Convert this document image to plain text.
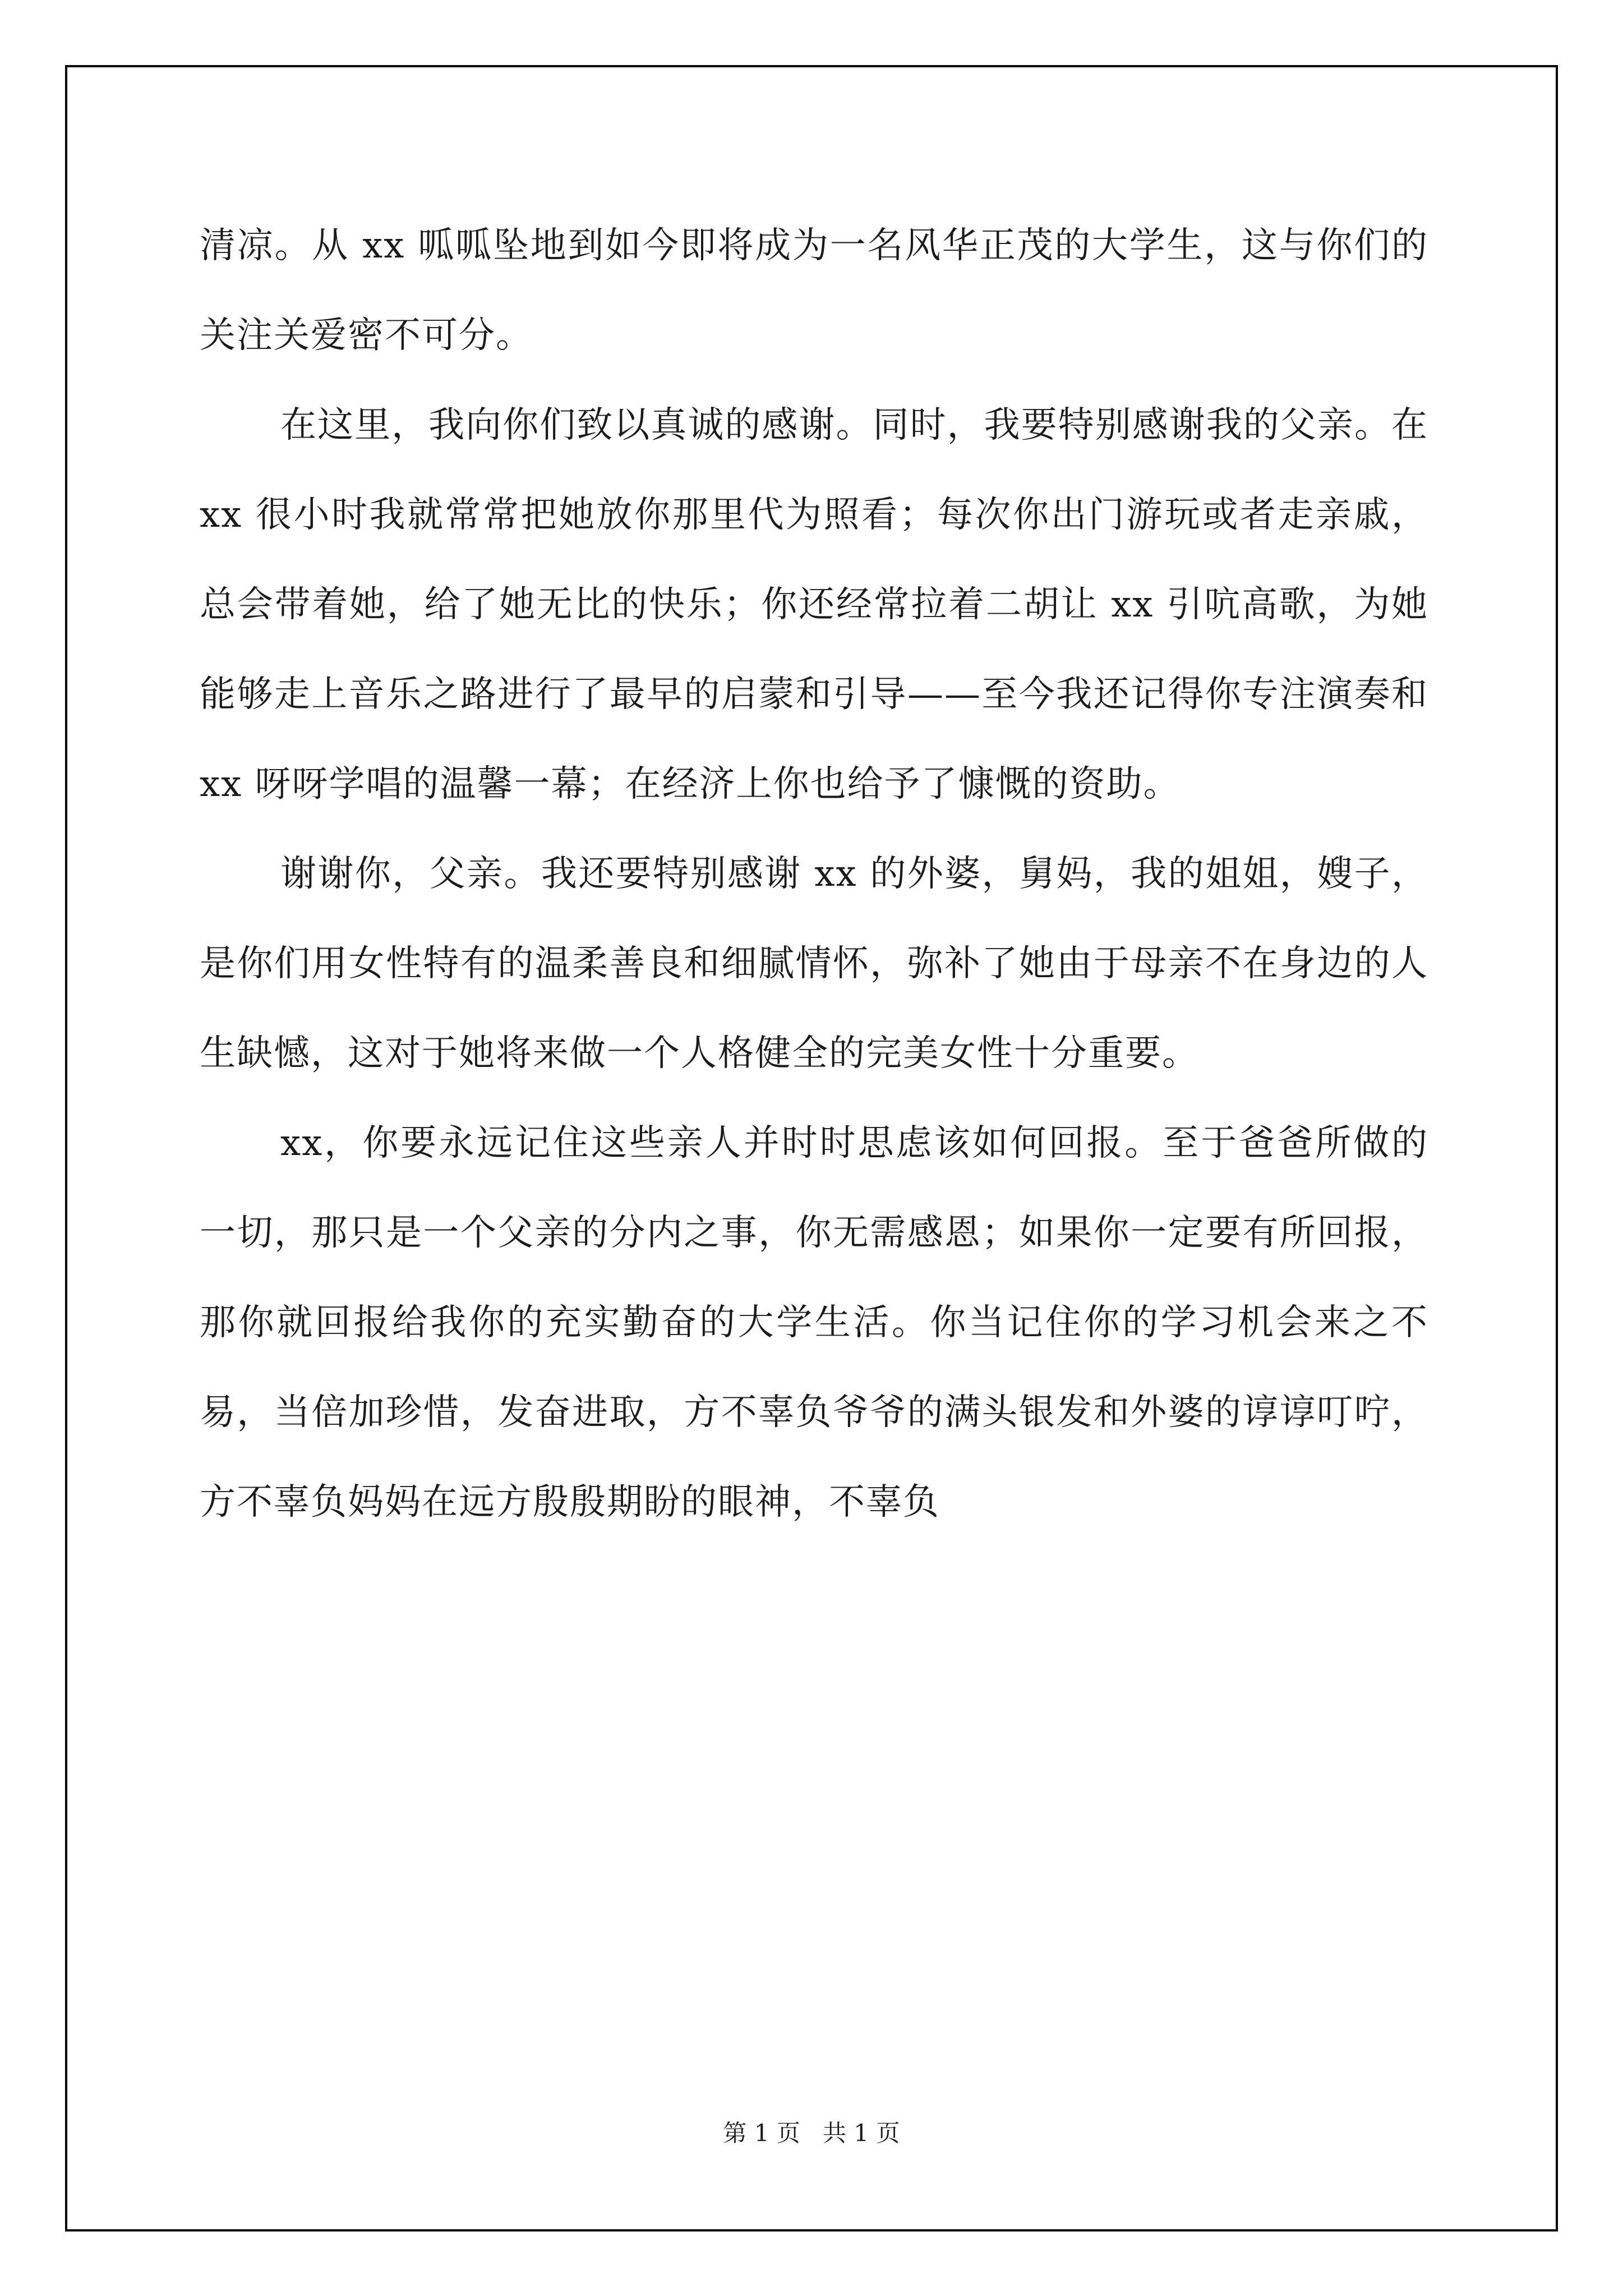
清凉。从 xx 呱呱坠地到如今即将成为一名风华正茂的大学生，这与你们的关注关爱密不可分。

在这里，我向你们致以真诚的感谢。同时，我要特别感谢我的父亲。在 xx 很小时我就常常把她放你那里代为照看；每次你出门游玩或者走亲戚，总会带着她，给了她无比的快乐；你还经常拉着二胡让 xx 引吭高歌，为她能够走上音乐之路进行了最早的启蒙和引导——至今我还记得你专注演奏和 xx 呀呀学唱的温馨一幕；在经济上你也给予了慷慨的资助。

谢谢你，父亲。我还要特别感谢 xx 的外婆，舅妈，我的姐姐，嫂子，是你们用女性特有的温柔善良和细腻情怀，弥补了她由于母亲不在身边的人生缺憾，这对于她将来做一个人格健全的完美女性十分重要。

xx，你要永远记住这些亲人并时时思虑该如何回报。至于爸爸所做的一切，那只是一个父亲的分内之事，你无需感恩；如果你一定要有所回报，那你就回报给我你的充实勤奋的大学生活。你当记住你的学习机会来之不易，当倍加珍惜，发奋进取，方不辜负爷爷的满头银发和外婆的谆谆叮咛，方不辜负妈妈在远方殷殷期盼的眼神，不辜负

第 1 页 共 1 页
